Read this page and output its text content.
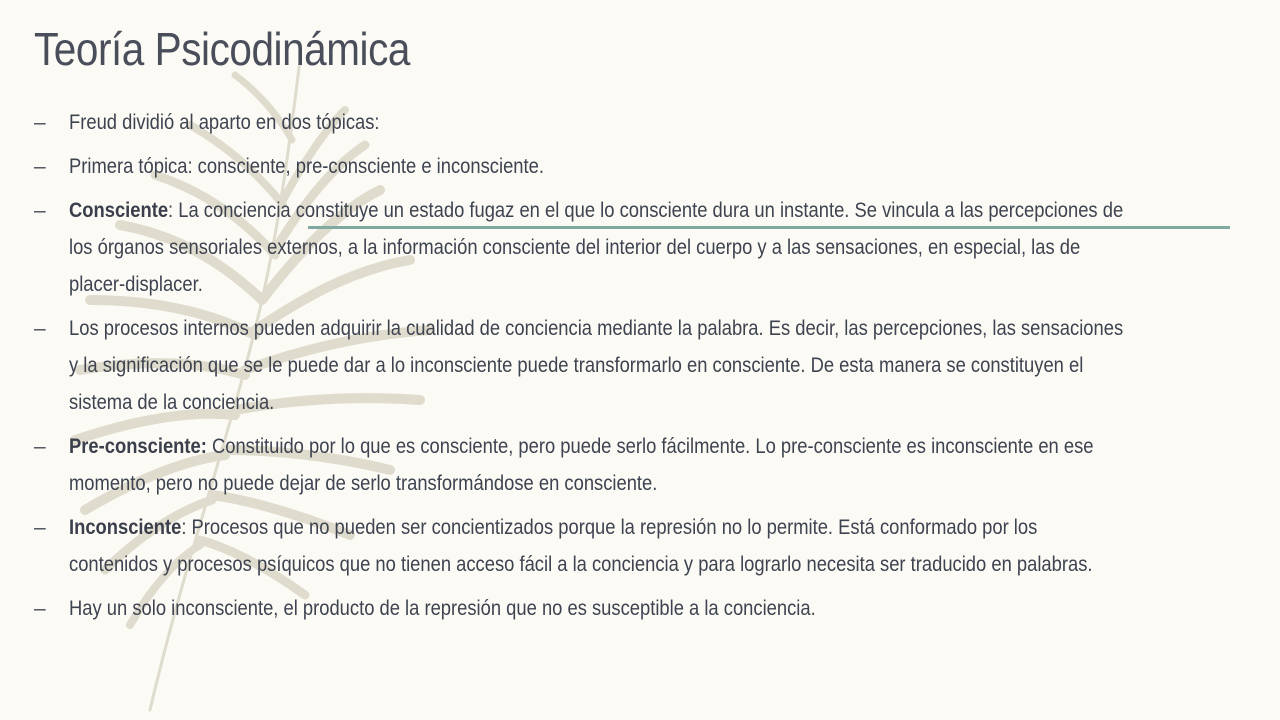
Teoría Psicodinámica
–	Freud dividió al aparto en dos tópicas:
–	Primera tópica: consciente, pre-consciente e inconsciente.
–	Consciente: La conciencia constituye un estado fugaz en el que lo consciente dura un instante. Se vincula a las percepciones de los órganos sensoriales externos, a la información consciente del interior del cuerpo y a las sensaciones, en especial, las de placer-displacer.
–	Los procesos internos pueden adquirir la cualidad de conciencia mediante la palabra. Es decir, las percepciones, las sensaciones y la significación que se le puede dar a lo inconsciente puede transformarlo en consciente. De esta manera se constituyen el sistema de la conciencia.
–	Pre-consciente: Constituido por lo que es consciente, pero puede serlo fácilmente. Lo pre-consciente es inconsciente en ese momento, pero no puede dejar de serlo transformándose en consciente.
–	Inconsciente: Procesos que no pueden ser concientizados porque la represión no lo permite. Está conformado por los contenidos y procesos psíquicos que no tienen acceso fácil a la conciencia y para lograrlo necesita ser traducido en palabras.
–	Hay un solo inconsciente, el producto de la represión que no es susceptible a la conciencia.
